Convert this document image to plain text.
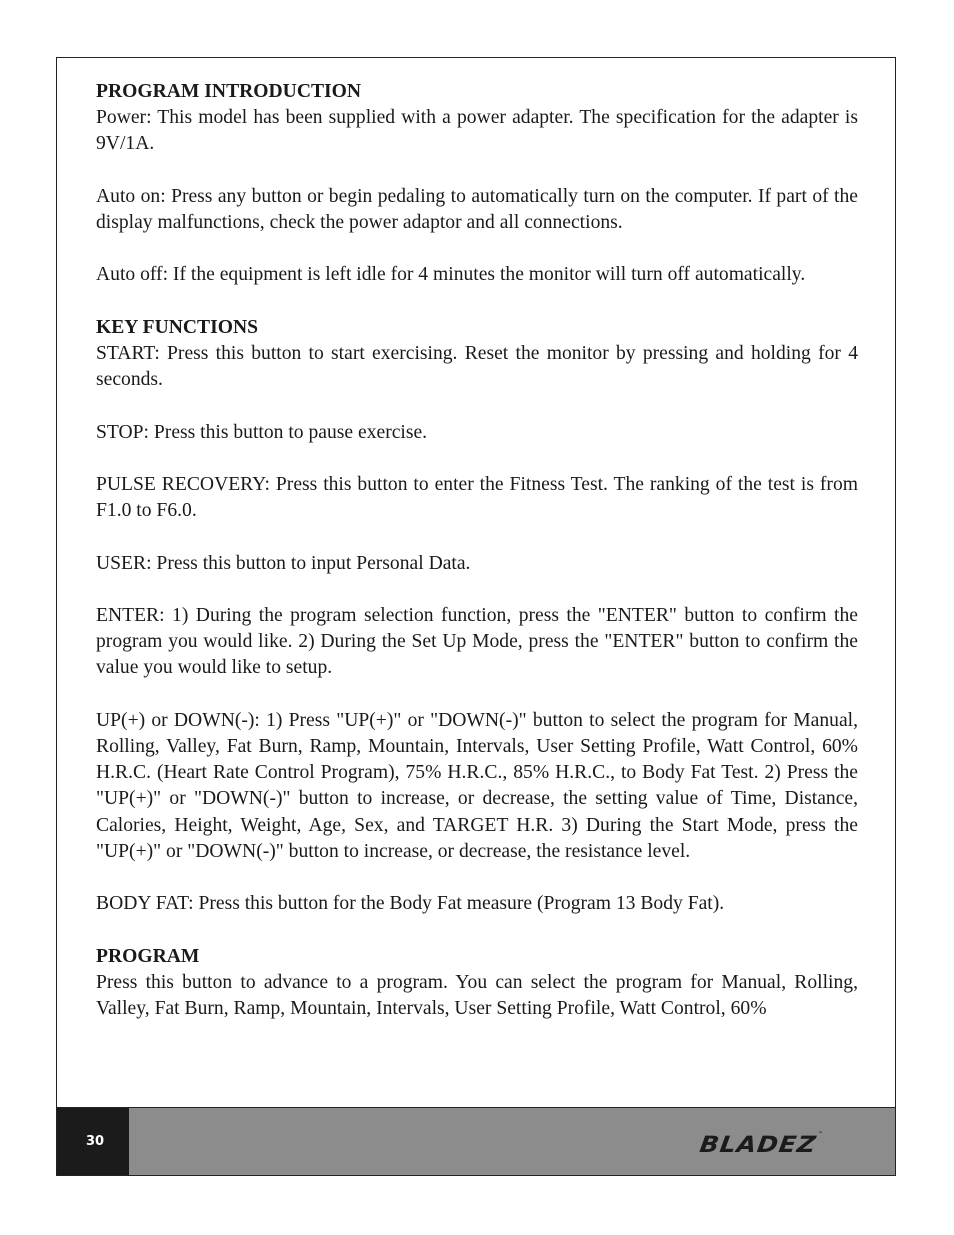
PROGRAM INTRODUCTION

Power: This model has been supplied with a power adapter. The specification for the adapter is 9V/1A.

Auto on: Press any button or begin pedaling to automatically turn on the computer. If part of the display malfunctions, check the power adaptor and all connections.

Auto off: If the equipment is left idle for 4 minutes the monitor will turn off automatically.

KEY FUNCTIONS

START: Press this button to start exercising. Reset the monitor by pressing and holding for 4 seconds.

STOP: Press this button to pause exercise.

PULSE RECOVERY: Press this button to enter the Fitness Test. The ranking of the test is from F1.0 to F6.0.

USER: Press this button to input Personal Data.

ENTER: 1) During the program selection function, press the "ENTER" button to confirm the program you would like. 2) During the Set Up Mode, press the "ENTER" button to confirm the value you would like to setup.

UP(+) or DOWN(-): 1) Press "UP(+)" or "DOWN(-)" button to select the program for Manual, Rolling, Valley, Fat Burn, Ramp, Mountain, Intervals, User Setting Profile, Watt Control, 60% H.R.C. (Heart Rate Control Program), 75% H.R.C., 85% H.R.C., to Body Fat Test. 2) Press the "UP(+)" or "DOWN(-)" button to increase, or decrease, the setting value of Time, Distance, Calories, Height, Weight, Age, Sex, and TARGET H.R. 3) During the Start Mode, press the "UP(+)" or "DOWN(-)" button to increase, or decrease, the resistance level.

BODY FAT: Press this button for the Body Fat measure (Program 13 Body Fat).

PROGRAM

Press this button to advance to a program. You can select the program for Manual, Rolling, Valley, Fat Burn, Ramp, Mountain, Intervals, User Setting Profile, Watt Control, 60%

30	BLADEZ™
